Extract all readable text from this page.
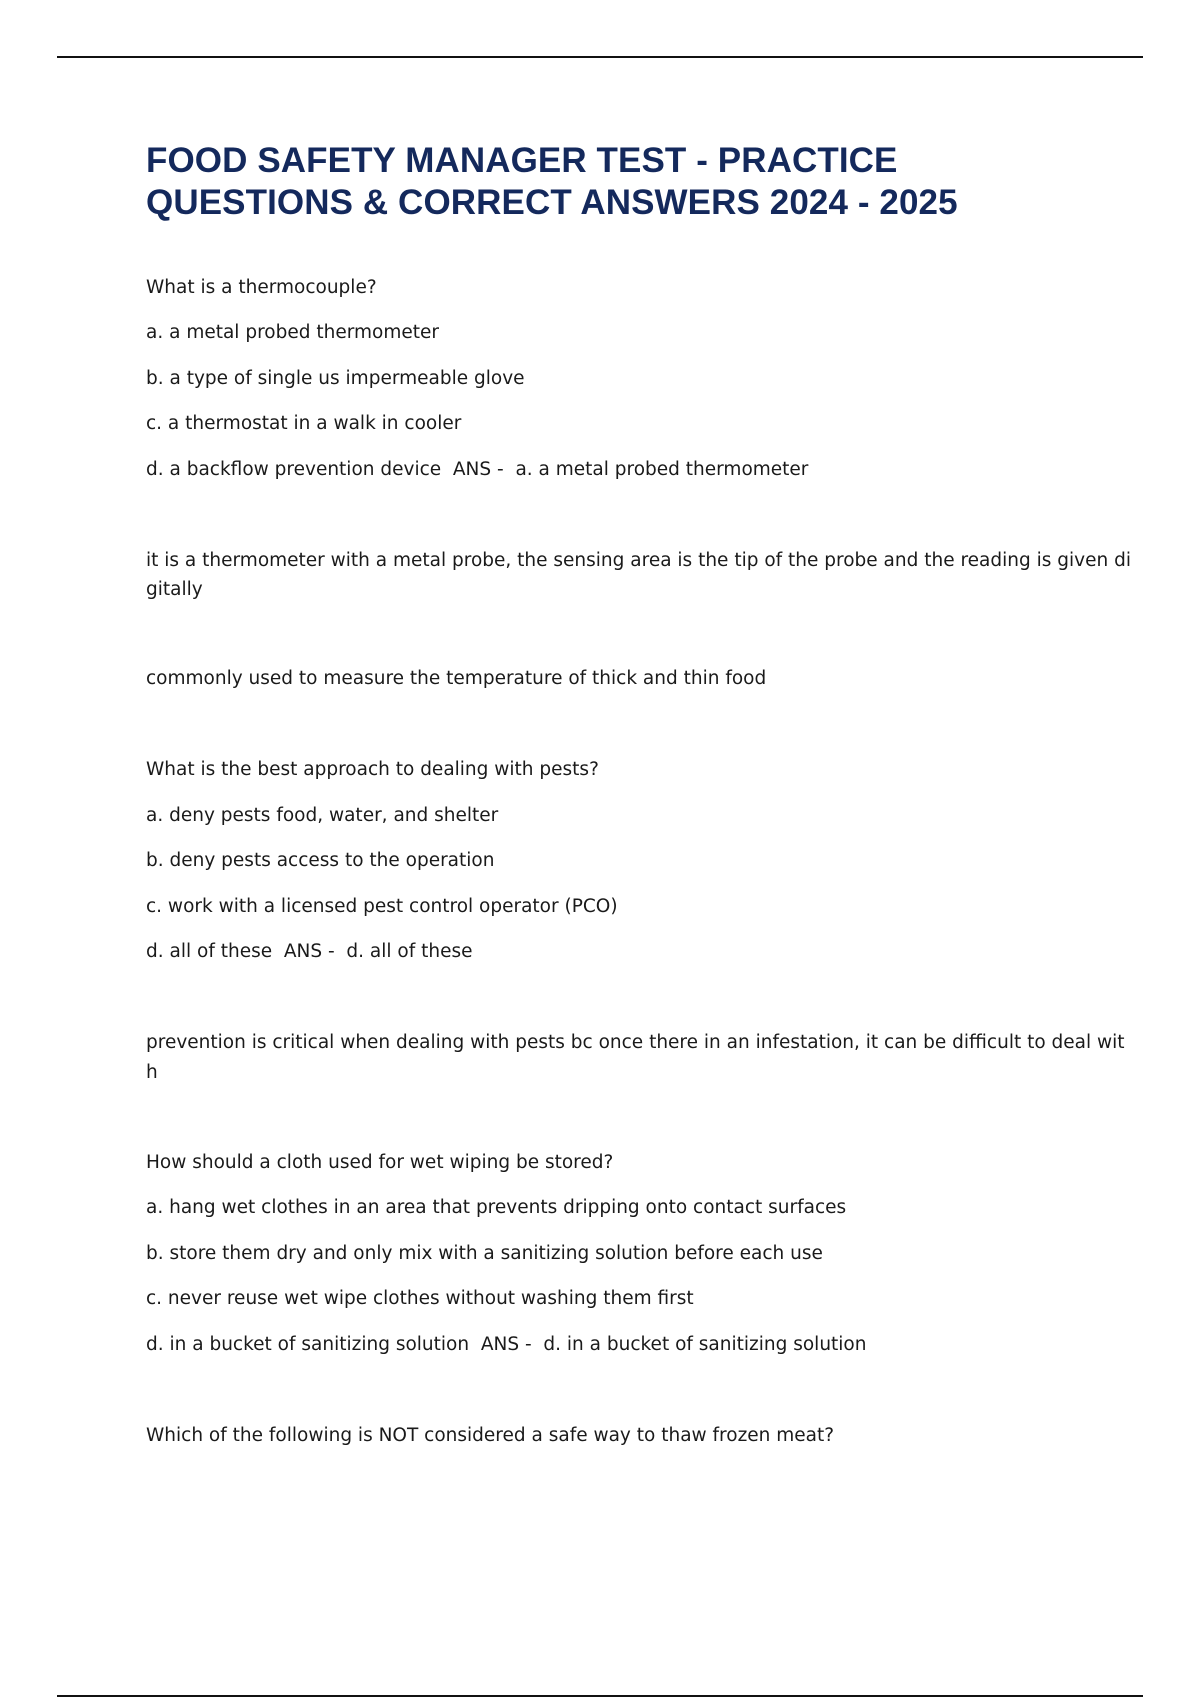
FOOD SAFETY MANAGER TEST - PRACTICE
QUESTIONS & CORRECT ANSWERS 2024 - 2025
What is a thermocouple?
a. a metal probed thermometer
b. a type of single us impermeable glove
c. a thermostat in a walk in cooler
d. a backflow prevention device  ANS -  a. a metal probed thermometer
it is a thermometer with a metal probe, the sensing area is the tip of the probe and the reading is given di
gitally
commonly used to measure the temperature of thick and thin food
What is the best approach to dealing with pests?
a. deny pests food, water, and shelter
b. deny pests access to the operation
c. work with a licensed pest control operator (PCO)
d. all of these  ANS -  d. all of these
prevention is critical when dealing with pests bc once there in an infestation, it can be difficult to deal wit
h
How should a cloth used for wet wiping be stored?
a. hang wet clothes in an area that prevents dripping onto contact surfaces
b. store them dry and only mix with a sanitizing solution before each use
c. never reuse wet wipe clothes without washing them first
d. in a bucket of sanitizing solution  ANS -  d. in a bucket of sanitizing solution
Which of the following is NOT considered a safe way to thaw frozen meat?
